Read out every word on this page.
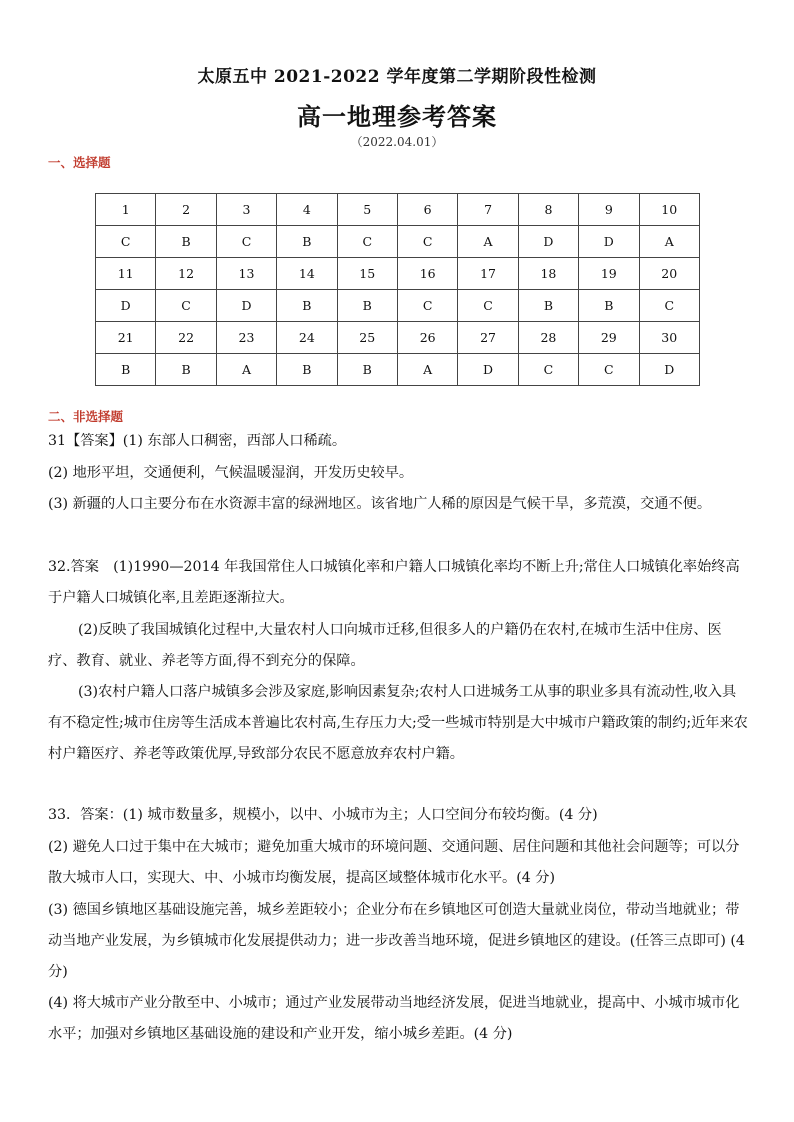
太原五中 2021-2022 学年度第二学期阶段性检测
高一地理参考答案
（2022.04.01）
一、选择题
1	2	3	4	5	6	7	8	9	10
C	B	C	B	C	C	A	D	D	A
11	12	13	14	15	16	17	18	19	20
D	C	D	B	B	C	C	B	B	C
21	22	23	24	25	26	27	28	29	30
B	B	A	B	B	A	D	C	C	D
二、非选择题
31【答案】(1) 东部人口稠密，西部人口稀疏。
(2) 地形平坦，交通便利，气候温暖湿润，开发历史较早。
(3) 新疆的人口主要分布在水资源丰富的绿洲地区。该省地广人稀的原因是气候干旱，多荒漠，交通不便。
32.答案　(1)1990—2014 年我国常住人口城镇化率和户籍人口城镇化率均不断上升;常住人口城镇化率始终高于户籍人口城镇化率,且差距逐渐拉大。
(2)反映了我国城镇化过程中,大量农村人口向城市迁移,但很多人的户籍仍在农村,在城市生活中住房、医疗、教育、就业、养老等方面,得不到充分的保障。
(3)农村户籍人口落户城镇多会涉及家庭,影响因素复杂;农村人口进城务工从事的职业多具有流动性,收入具有不稳定性;城市住房等生活成本普遍比农村高,生存压力大;受一些城市特别是大中城市户籍政策的制约;近年来农村户籍医疗、养老等政策优厚,导致部分农民不愿意放弃农村户籍。
33．答案：(1) 城市数量多，规模小，以中、小城市为主；人口空间分布较均衡。(4 分)
(2) 避免人口过于集中在大城市；避免加重大城市的环境问题、交通问题、居住问题和其他社会问题等；可以分散大城市人口，实现大、中、小城市均衡发展，提高区域整体城市化水平。(4 分)
(3) 德国乡镇地区基础设施完善，城乡差距较小；企业分布在乡镇地区可创造大量就业岗位，带动当地就业；带动当地产业发展，为乡镇城市化发展提供动力；进一步改善当地环境，促进乡镇地区的建设。(任答三点即可) (4 分)
(4) 将大城市产业分散至中、小城市；通过产业发展带动当地经济发展，促进当地就业，提高中、小城市城市化水平；加强对乡镇地区基础设施的建设和产业开发，缩小城乡差距。(4 分)
